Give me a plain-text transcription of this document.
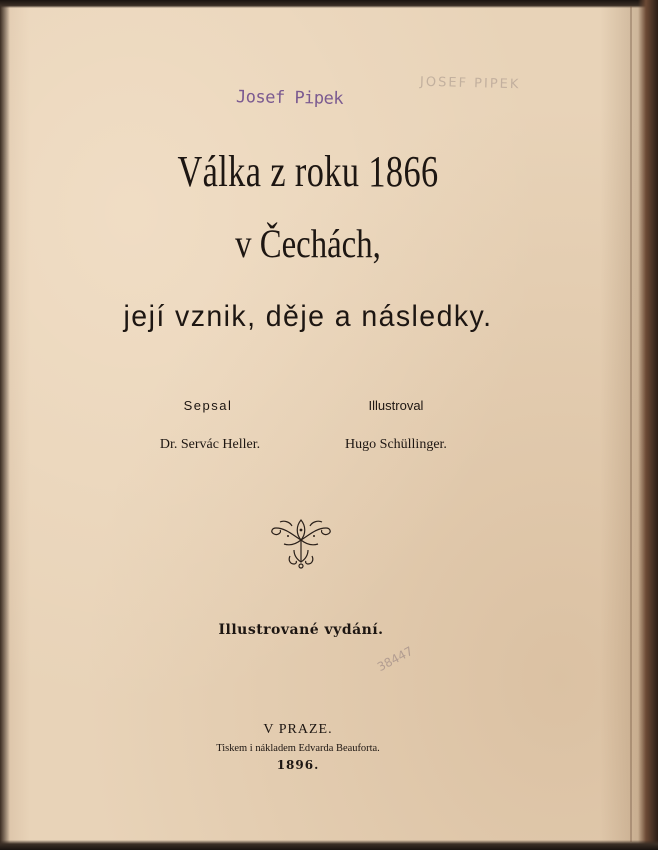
Josef Pipek
JOSEF PIPEK
Válka z roku 1866
v Čechách,
její vznik, děje a následky.
Sepsal	Illustroval
Dr. Servác Heller.	Hugo Schüllinger.
Illustrované vydání.
38447
V PRAZE.
Tiskem i nákladem Edvarda Beauforta.
1896.
